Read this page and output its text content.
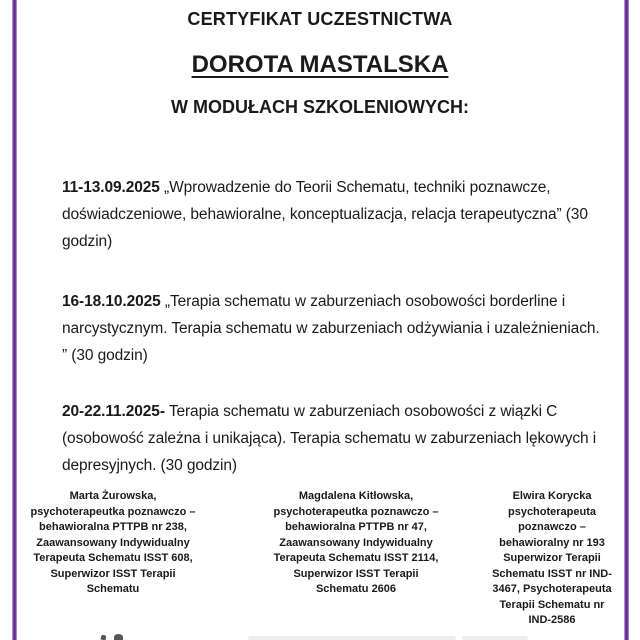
CERTYFIKAT UCZESTNICTWA
DOROTA MASTALSKA
W MODUŁACH SZKOLENIOWYCH:

11-13.09.2025 „Wprowadzenie do Teorii Schematu, techniki poznawcze, doświadczeniowe, behawioralne, konceptualizacja, relacja terapeutyczna” (30 godzin)

16-18.10.2025 „Terapia schematu w zaburzeniach osobowości borderline i narcystycznym. Terapia schematu w zaburzeniach odżywiania i uzależnieniach. ” (30 godzin)

20-22.11.2025- Terapia schematu w zaburzeniach osobowości z wiązki C (osobowość zależna i unikająca). Terapia schematu w zaburzeniach lękowych i depresyjnych. (30 godzin)

Marta Żurowska, psychoterapeutka poznawczo – behawioralna PTTPB nr 238, Zaawansowany Indywidualny Terapeuta Schematu ISST 608, Superwizor ISST Terapii Schematu
Magdalena Kitłowska, psychoterapeutka poznawczo – behawioralna PTTPB nr 47, Zaawansowany Indywidualny Terapeuta Schematu ISST 2114, Superwizor ISST Terapii Schematu 2606
Elwira Korycka psychoterapeuta poznawczo – behawioralny nr 193 Superwizor Terapii Schematu ISST nr IND-3467, Psychoterapeuta Terapii Schematu nr IND-2586
